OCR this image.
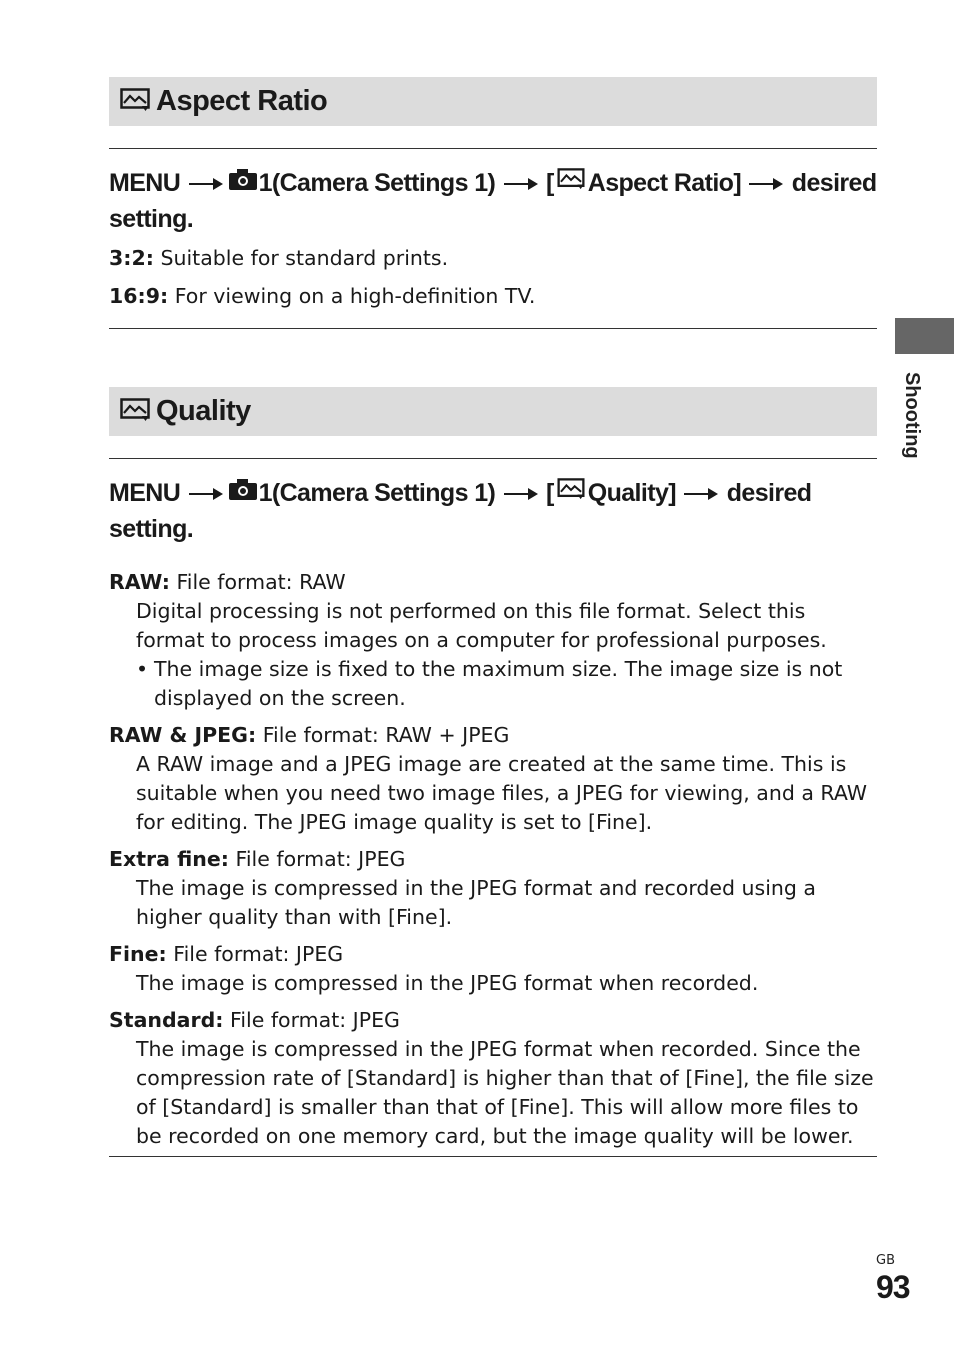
Aspect Ratio
MENU	1(Camera Settings 1) [ Aspect Ratio] desired
setting.
3:2: Suitable for standard prints.
16:9: For viewing on a high-definition TV.
Quality
MENU	1(Camera Settings 1) [ Quality] desired
setting.
RAW: File format: RAW
Digital processing is not performed on this file format. Select this format to process images on a computer for professional purposes.
• The image size is fixed to the maximum size. The image size is not displayed on the screen.
RAW & JPEG: File format: RAW + JPEG
A RAW image and a JPEG image are created at the same time. This is suitable when you need two image files, a JPEG for viewing, and a RAW for editing. The JPEG image quality is set to [Fine].
Extra fine: File format: JPEG
The image is compressed in the JPEG format and recorded using a higher quality than with [Fine].
Fine: File format: JPEG
The image is compressed in the JPEG format when recorded.
Standard: File format: JPEG
The image is compressed in the JPEG format when recorded. Since the compression rate of [Standard] is higher than that of [Fine], the file size of [Standard] is smaller than that of [Fine]. This will allow more files to be recorded on one memory card, but the image quality will be lower.
Shooting
GB
93
